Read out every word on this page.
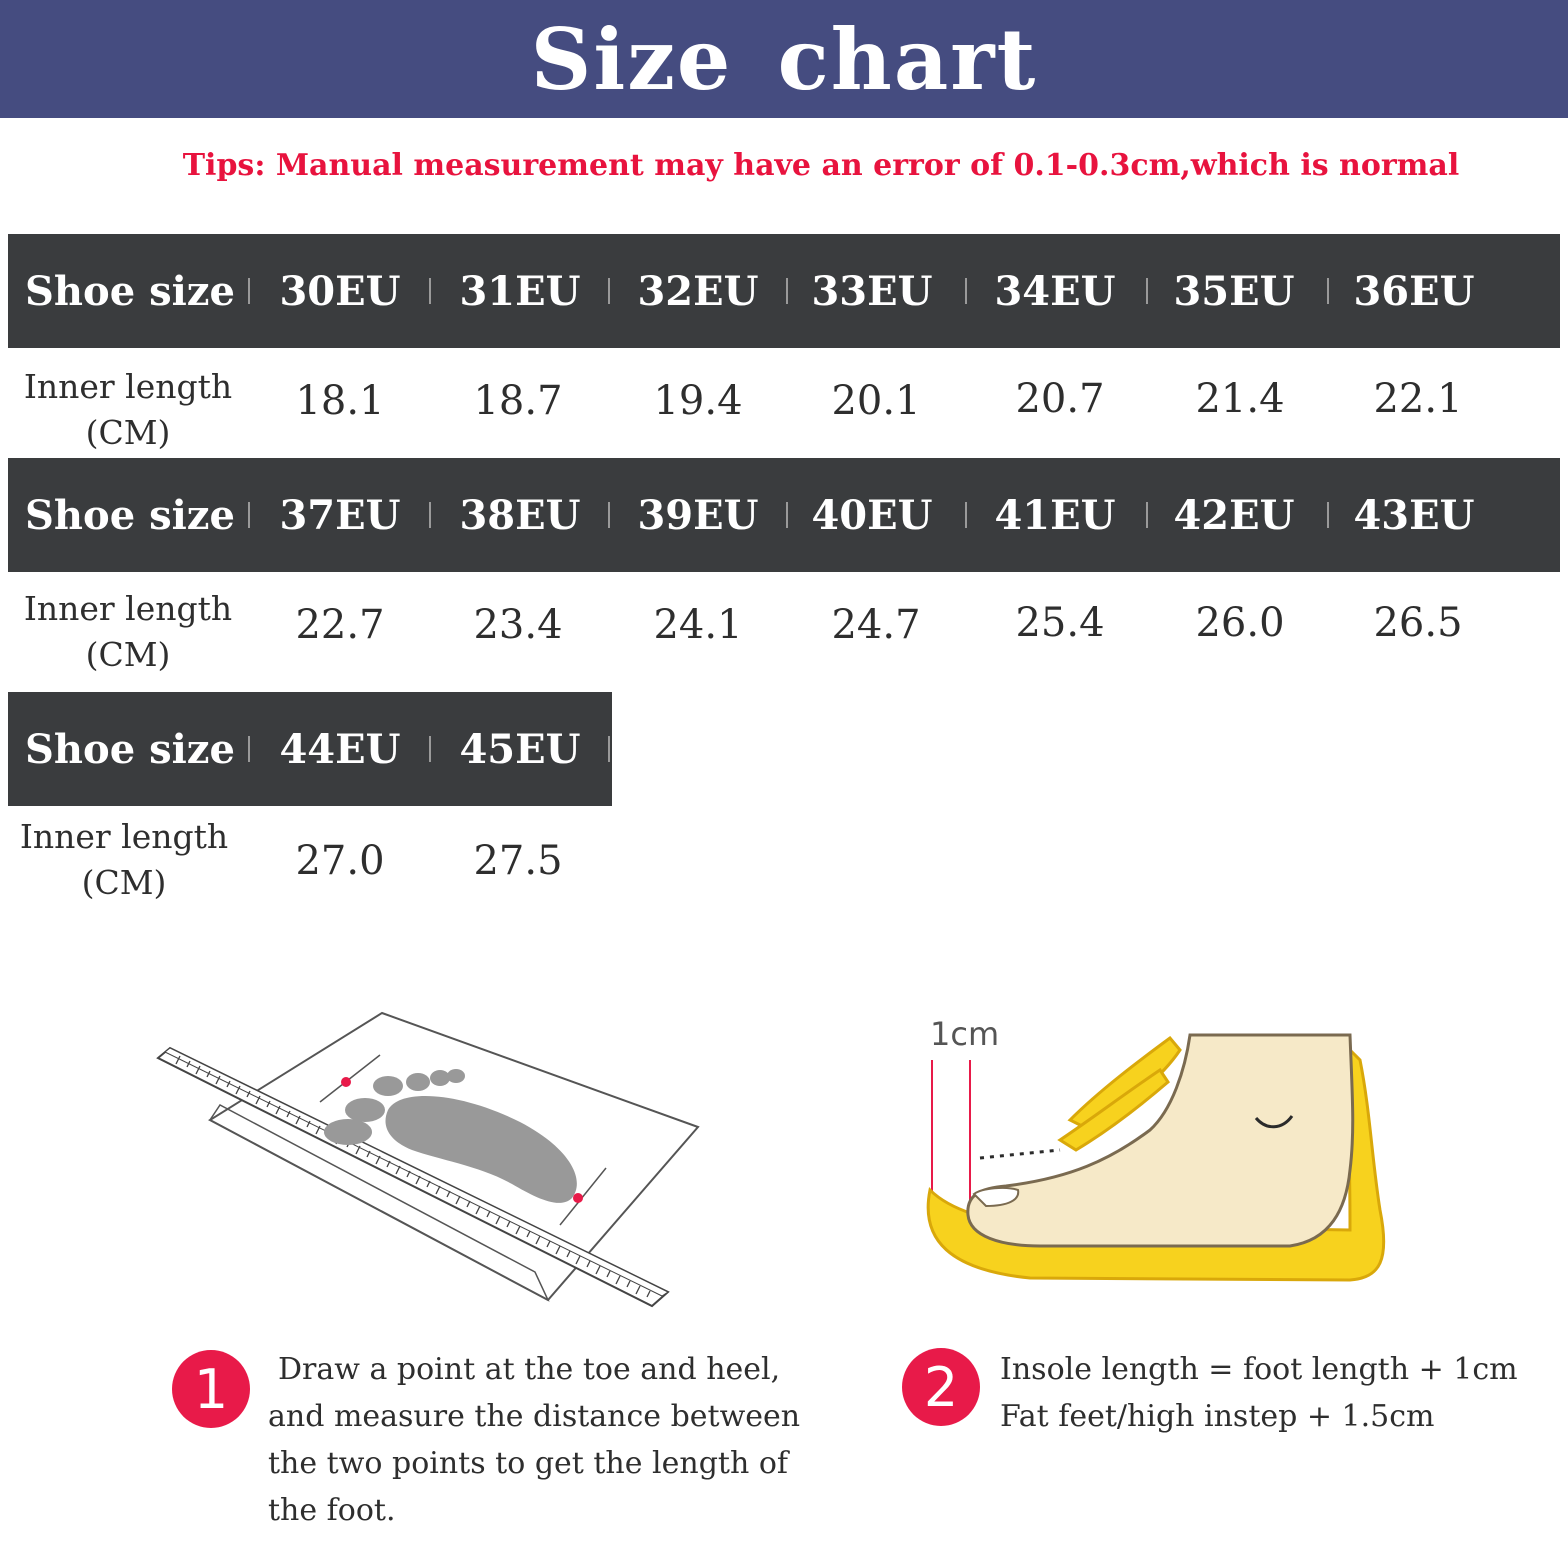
Size chart
Tips: Manual measurement may have an error of 0.1-0.3cm,which is normal
Shoe size	30EU	31EU	32EU	33EU	34EU	35EU	36EU
Inner length
(CM)
18.1	18.7	19.4	20.1	20.7	21.4	22.1
Shoe size	37EU	38EU	39EU	40EU	41EU	42EU	43EU
Inner length
(CM)
22.7	23.4	24.1	24.7	25.4	26.0	26.5
Shoe size	44EU	45EU
Inner length
(CM)	27.0	27.5
1cm
1	Draw a point at the toe and heel,
and measure the distance between
the two points to get the length of
the foot.
2	Insole length = foot length + 1cm
Fat feet/high instep + 1.5cm
